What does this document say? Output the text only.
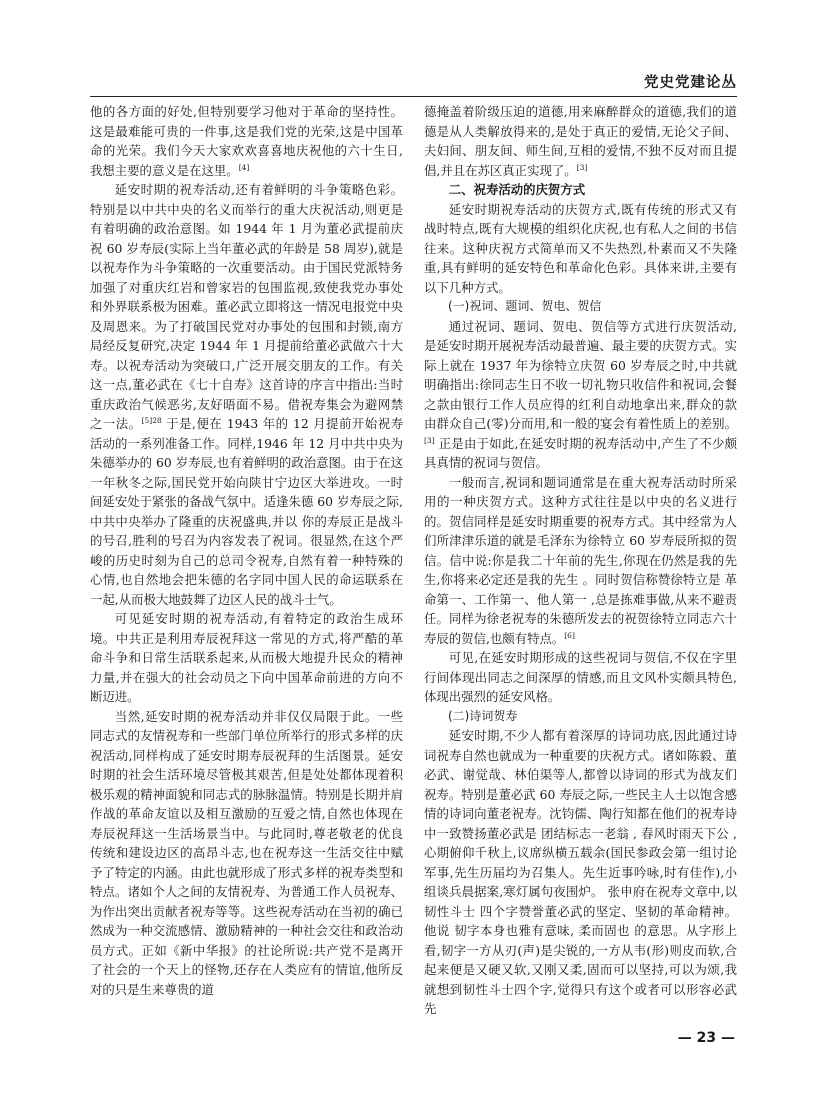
党史党建论丛

他的各方面的好处,但特别要学习他对于革命的坚持性。这是最难能可贵的一件事,这是我们党的光荣,这是中国革命的光荣。我们今天大家欢欢喜喜地庆祝他的六十生日,我想主要的意义是在这里。[4]

延安时期的祝寿活动,还有着鲜明的斗争策略色彩。特别是以中共中央的名义而举行的重大庆祝活动,则更是有着明确的政治意图。如 1944 年 1 月为董必武提前庆祝 60 岁寿辰(实际上当年董必武的年龄是 58 周岁),就是以祝寿作为斗争策略的一次重要活动。由于国民党派特务加强了对重庆红岩和曾家岩的包围监视,致使我党办事处和外界联系极为困难。董必武立即将这一情况电报党中央及周恩来。为了打破国民党对办事处的包围和封锁,南方局经反复研究,决定 1944 年 1 月提前给董必武做六十大寿。以祝寿活动为突破口,广泛开展交朋友的工作。有关这一点,董必武在《七十自寿》这首诗的序言中指出:当时重庆政治气候恶劣,友好晤面不易。借祝寿集会为避网禁之一法。$^{[5]28}$ 于是,便在 1943 年的 12 月提前开始祝寿活动的一系列准备工作。同样,1946 年 12 月中共中央为朱德举办的 60 岁寿辰,也有着鲜明的政治意图。由于在这一年秋冬之际,国民党开始向陕甘宁边区大举进攻。一时间延安处于紧张的备战气氛中。适逢朱德 60 岁寿辰之际,中共中央举办了隆重的庆祝盛典,并以 你的寿辰正是战斗的号召,胜利的号召为内容发表了祝词。很显然,在这个严峻的历史时刻为自己的总司令祝寿,自然有着一种特殊的心情,也自然地会把朱德的名字同中国人民的命运联系在一起,从而极大地鼓舞了边区人民的战斗士气。

可见延安时期的祝寿活动,有着特定的政治生成环境。中共正是利用寿辰祝拜这一常见的方式,将严酷的革命斗争和日常生活联系起来,从而极大地提升民众的精神力量,并在强大的社会动员之下向中国革命前进的方向不断迈进。

当然,延安时期的祝寿活动并非仅仅局限于此。一些同志式的友情祝寿和一些部门单位所举行的形式多样的庆祝活动,同样构成了延安时期寿辰祝拜的生活图景。延安时期的社会生活环境尽管极其艰苦,但是处处都体现着积极乐观的精神面貌和同志式的脉脉温情。特别是长期并肩作战的革命友谊以及相互激励的互爱之情,自然也体现在寿辰祝拜这一生活场景当中。与此同时,尊老敬老的优良传统和建设边区的高昂斗志,也在祝寿这一生活交往中赋予了特定的内涵。由此也就形成了形式多样的祝寿类型和特点。诸如个人之间的友情祝寿、为普通工作人员祝寿、为作出突出贡献者祝寿等等。这些祝寿活动在当初的确已然成为一种交流感情、激励精神的一种社会交往和政治动员方式。正如《新中华报》的社论所说:共产党不是离开了社会的一个天上的怪物,还存在人类应有的情谊,他所反对的只是生来尊贵的道

德掩盖着阶级压迫的道德,用来麻醉群众的道德,我们的道德是从人类解放得来的,是处于真正的爱情,无论父子间、夫妇间、朋友间、师生间,互相的爱情,不独不反对而且提倡,并且在苏区真正实现了。[3]

二、祝寿活动的庆贺方式

延安时期祝寿活动的庆贺方式,既有传统的形式又有战时特点,既有大规模的组织化庆祝,也有私人之间的书信往来。这种庆祝方式简单而又不失热烈,朴素而又不失隆重,具有鲜明的延安特色和革命化色彩。具体来讲,主要有以下几种方式。

(一)祝词、题词、贺电、贺信

通过祝词、题词、贺电、贺信等方式进行庆贺活动,是延安时期开展祝寿活动最普遍、最主要的庆贺方式。实际上就在 1937 年为徐特立庆贺 60 岁寿辰之时,中共就明确指出:徐同志生日不收一切礼物只收信件和祝词,会餐之款由银行工作人员应得的红利自动地拿出来,群众的款由群众自己(零)分而用,和一般的宴会有着性质上的差别。[3] 正是由于如此,在延安时期的祝寿活动中,产生了不少颇具真情的祝词与贺信。

一般而言,祝词和题词通常是在重大祝寿活动时所采用的一种庆贺方式。这种方式往往是以中央的名义进行的。贺信同样是延安时期重要的祝寿方式。其中经常为人们所津津乐道的就是毛泽东为徐特立 60 岁寿辰所拟的贺信。信中说:你是我二十年前的先生,你现在仍然是我的先生,你将来必定还是我的先生 。同时贺信称赞徐特立是 革命第一、工作第一、他人第一 ,总是拣难事做,从来不避责任。同样为徐老祝寿的朱德所发去的祝贺徐特立同志六十寿辰的贺信,也颇有特点。[6]

可见,在延安时期形成的这些祝词与贺信,不仅在字里行间体现出同志之间深厚的情感,而且文风朴实颇具特色,体现出强烈的延安风格。

(二)诗词贺寿

延安时期,不少人都有着深厚的诗词功底,因此通过诗词祝寿自然也就成为一种重要的庆祝方式。诸如陈毅、董必武、谢觉哉、林伯渠等人,都曾以诗词的形式为战友们祝寿。特别是董必武 60 寿辰之际,一些民主人士以饱含感情的诗词向董老祝寿。沈钧儒、陶行知都在他们的祝寿诗中一致赞扬董必武是 团结标志一老翁 , 春风时雨天下公 , 心期俯仰千秋上,议席纵横五载余(国民参政会第一组讨论军事,先生历届均为召集人。先生近事吟咏,时有佳作),小组谈兵晨据案,寒灯属句夜围炉。 张申府在祝寿文章中,以 韧性斗士 四个字赞誉董必武的坚定、坚韧的革命精神。他说 韧字本身也雅有意味, 柔而固也 的意思。从字形上看,韧字一方从刃(声)是尖锐的,一方从韦(形)则皮而软,合起来便是又硬又软,又刚又柔,固而可以坚持,可以为颂,我就想到韧性斗士四个字,觉得只有这个或者可以形容必武先

— 23 —
